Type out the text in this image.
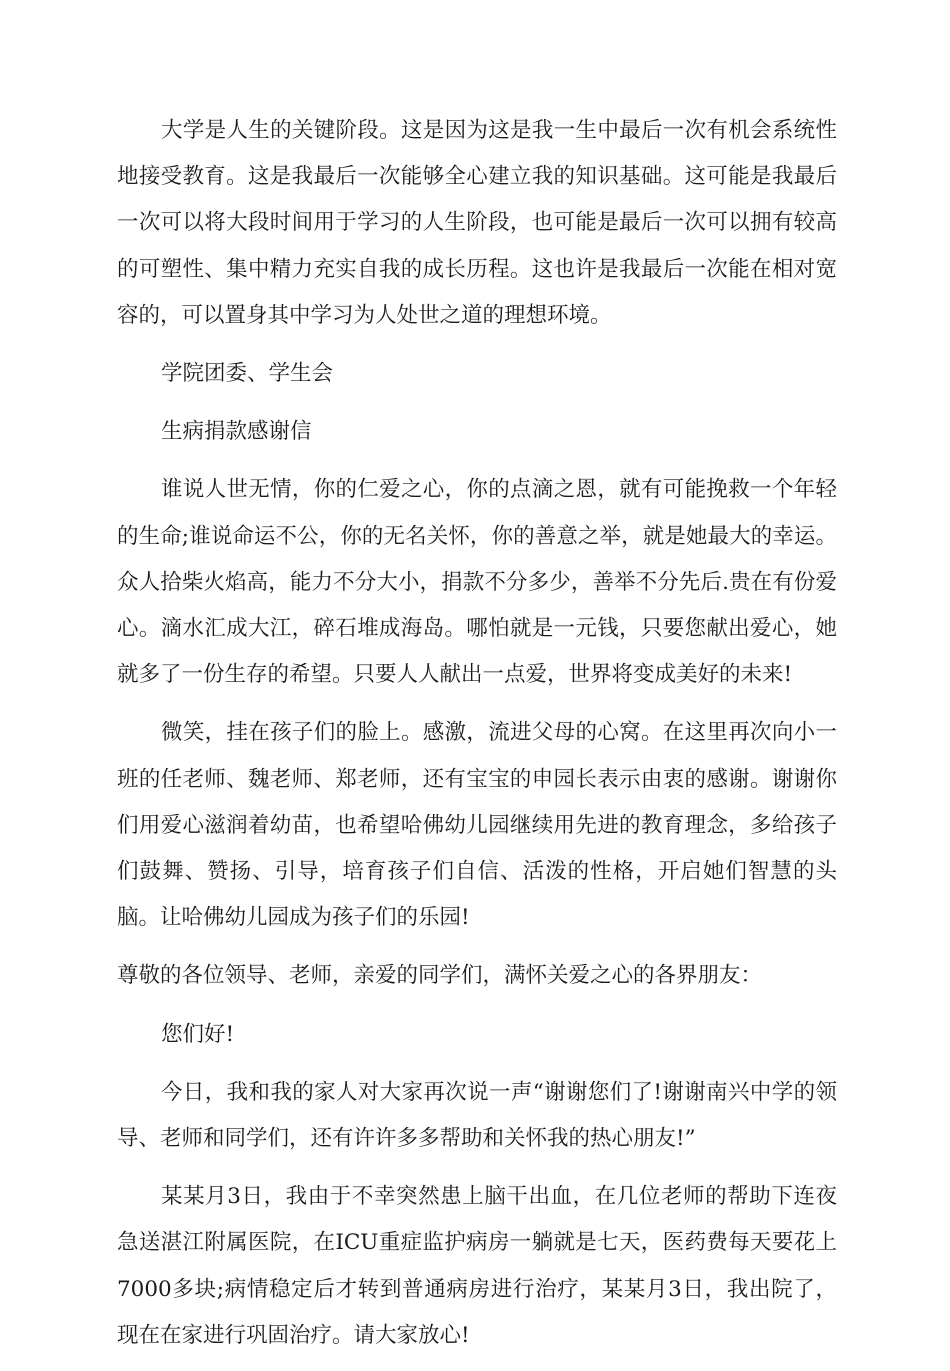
大学是人生的关键阶段。这是因为这是我一生中最后一次有机会系统性地接受教育。这是我最后一次能够全心建立我的知识基础。这可能是我最后一次可以将大段时间用于学习的人生阶段，也可能是最后一次可以拥有较高的可塑性、集中精力充实自我的成长历程。这也许是我最后一次能在相对宽容的，可以置身其中学习为人处世之道的理想环境。

学院团委、学生会

生病捐款感谢信

谁说人世无情，你的仁爱之心，你的点滴之恩，就有可能挽救一个年轻的生命;谁说命运不公，你的无名关怀，你的善意之举，就是她最大的幸运。众人拾柴火焰高，能力不分大小，捐款不分多少，善举不分先后.贵在有份爱心。滴水汇成大江，碎石堆成海岛。哪怕就是一元钱，只要您献出爱心，她就多了一份生存的希望。只要人人献出一点爱，世界将变成美好的未来!

微笑，挂在孩子们的脸上。感激，流进父母的心窝。在这里再次向小一班的任老师、魏老师、郑老师，还有宝宝的申园长表示由衷的感谢。谢谢你们用爱心滋润着幼苗，也希望哈佛幼儿园继续用先进的教育理念，多给孩子们鼓舞、赞扬、引导，培育孩子们自信、活泼的性格，开启她们智慧的头脑。让哈佛幼儿园成为孩子们的乐园!

尊敬的各位领导、老师，亲爱的同学们，满怀关爱之心的各界朋友：

您们好!

今日，我和我的家人对大家再次说一声“谢谢您们了!谢谢南兴中学的领导、老师和同学们，还有许许多多帮助和关怀我的热心朋友!”

某某月3日，我由于不幸突然患上脑干出血，在几位老师的帮助下连夜急送湛江附属医院，在ICU重症监护病房一躺就是七天，医药费每天要花上7000多块;病情稳定后才转到普通病房进行治疗，某某月3日，我出院了，现在在家进行巩固治疗。请大家放心!
